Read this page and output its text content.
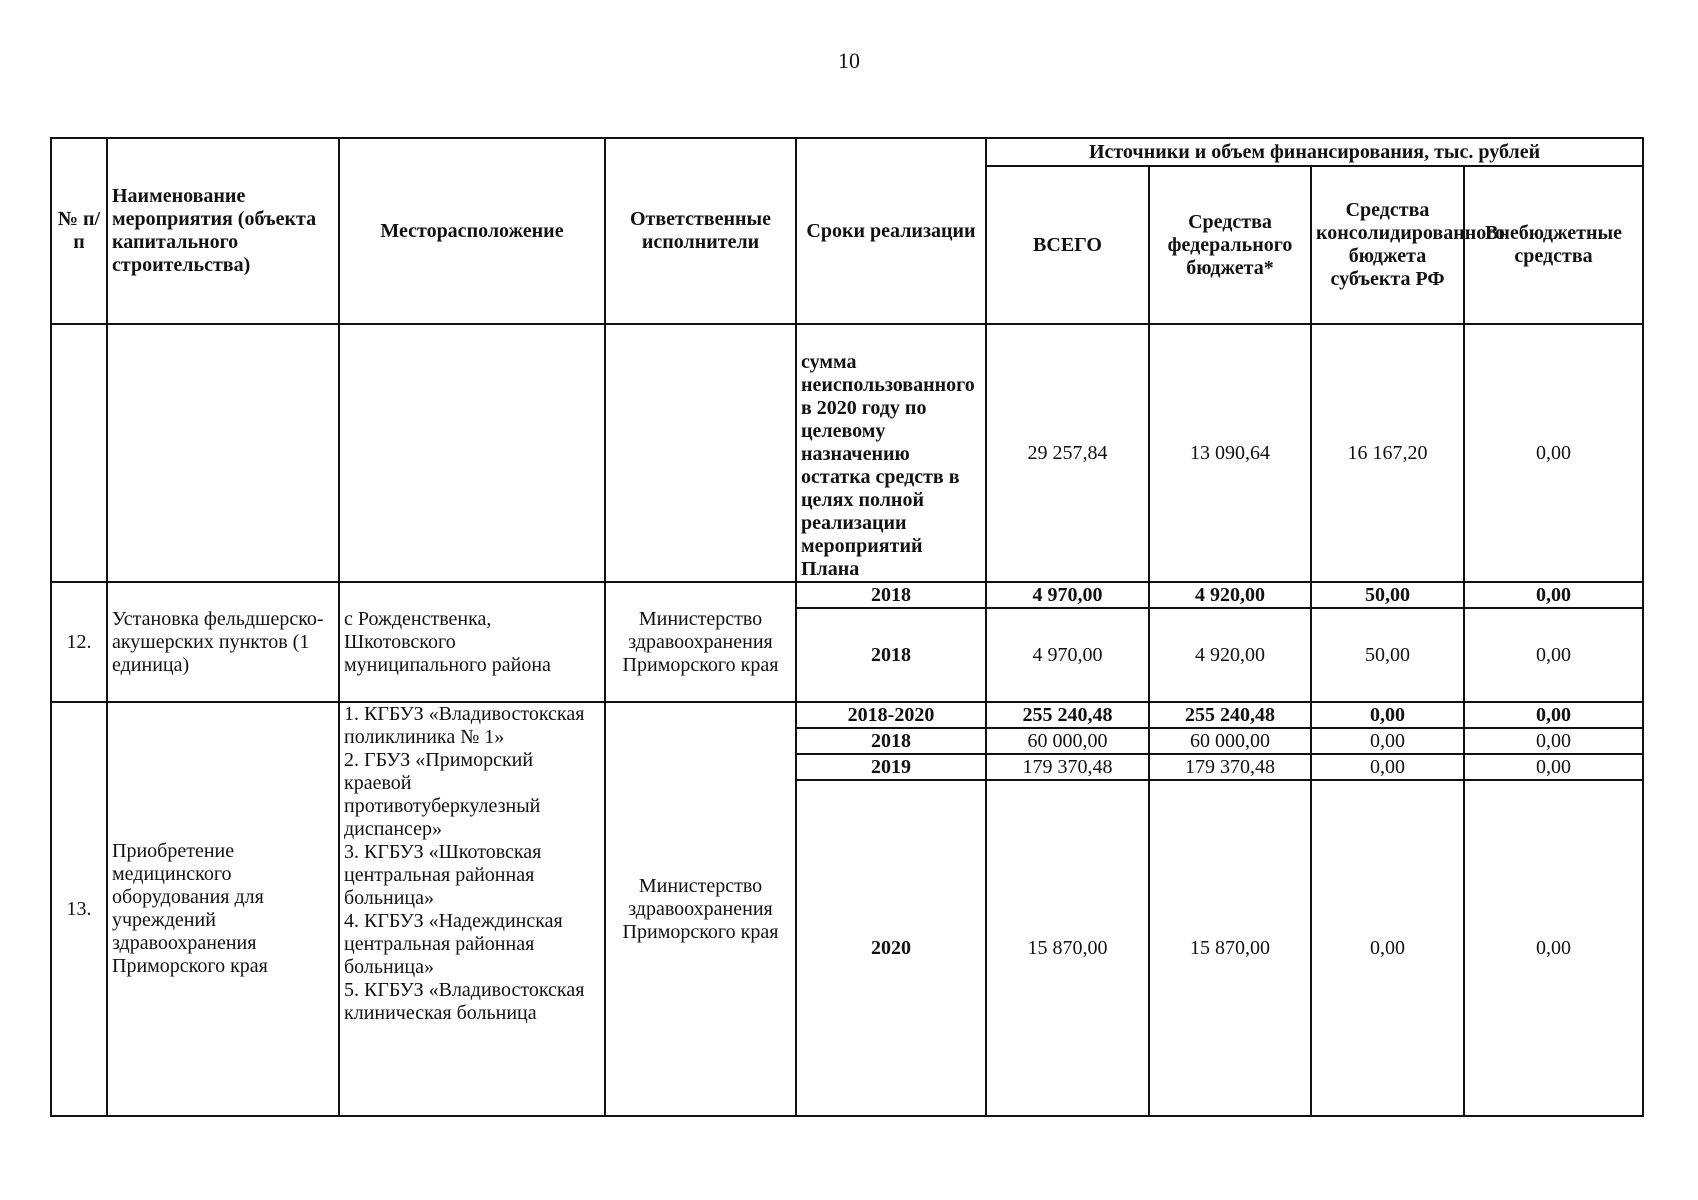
10
№ п/п	Наименование мероприятия (объекта капитального строительства)	Месторасположение	Ответственные исполнители	Сроки реализации	Источники и объем финансирования, тыс. рублей			
					ВСЕГО	Средства федерального бюджета*	Средства консолидированного бюджета субъекта РФ	Внебюджетные средства
				сумма неиспользованного в 2020 году по целевому назначению остатка средств в целях полной реализации мероприятий Плана	29 257,84	13 090,64	16 167,20	0,00
12.	Установка фельдшерско-акушерских пунктов (1 единица)	с Рожденственка, Шкотовского муниципального района	Министерство здравоохранения Приморского края	2018	4 970,00	4 920,00	50,00	0,00
				2018	4 970,00	4 920,00	50,00	0,00
13.	Приобретение медицинского оборудования для учреждений здравоохранения Приморского края	1. КГБУЗ «Владивостокская поликлиника № 1»
2. ГБУЗ «Приморский краевой противотуберкулезный диспансер»
3. КГБУЗ «Шкотовская центральная районная больница»
4. КГБУЗ «Надеждинская центральная районная больница»
5. КГБУЗ «Владивостокская клиническая больница	Министерство здравоохранения Приморского края	2018-2020	255 240,48	255 240,48	0,00	0,00
				2018	60 000,00	60 000,00	0,00	0,00
				2019	179 370,48	179 370,48	0,00	0,00
				2020	15 870,00	15 870,00	0,00	0,00
